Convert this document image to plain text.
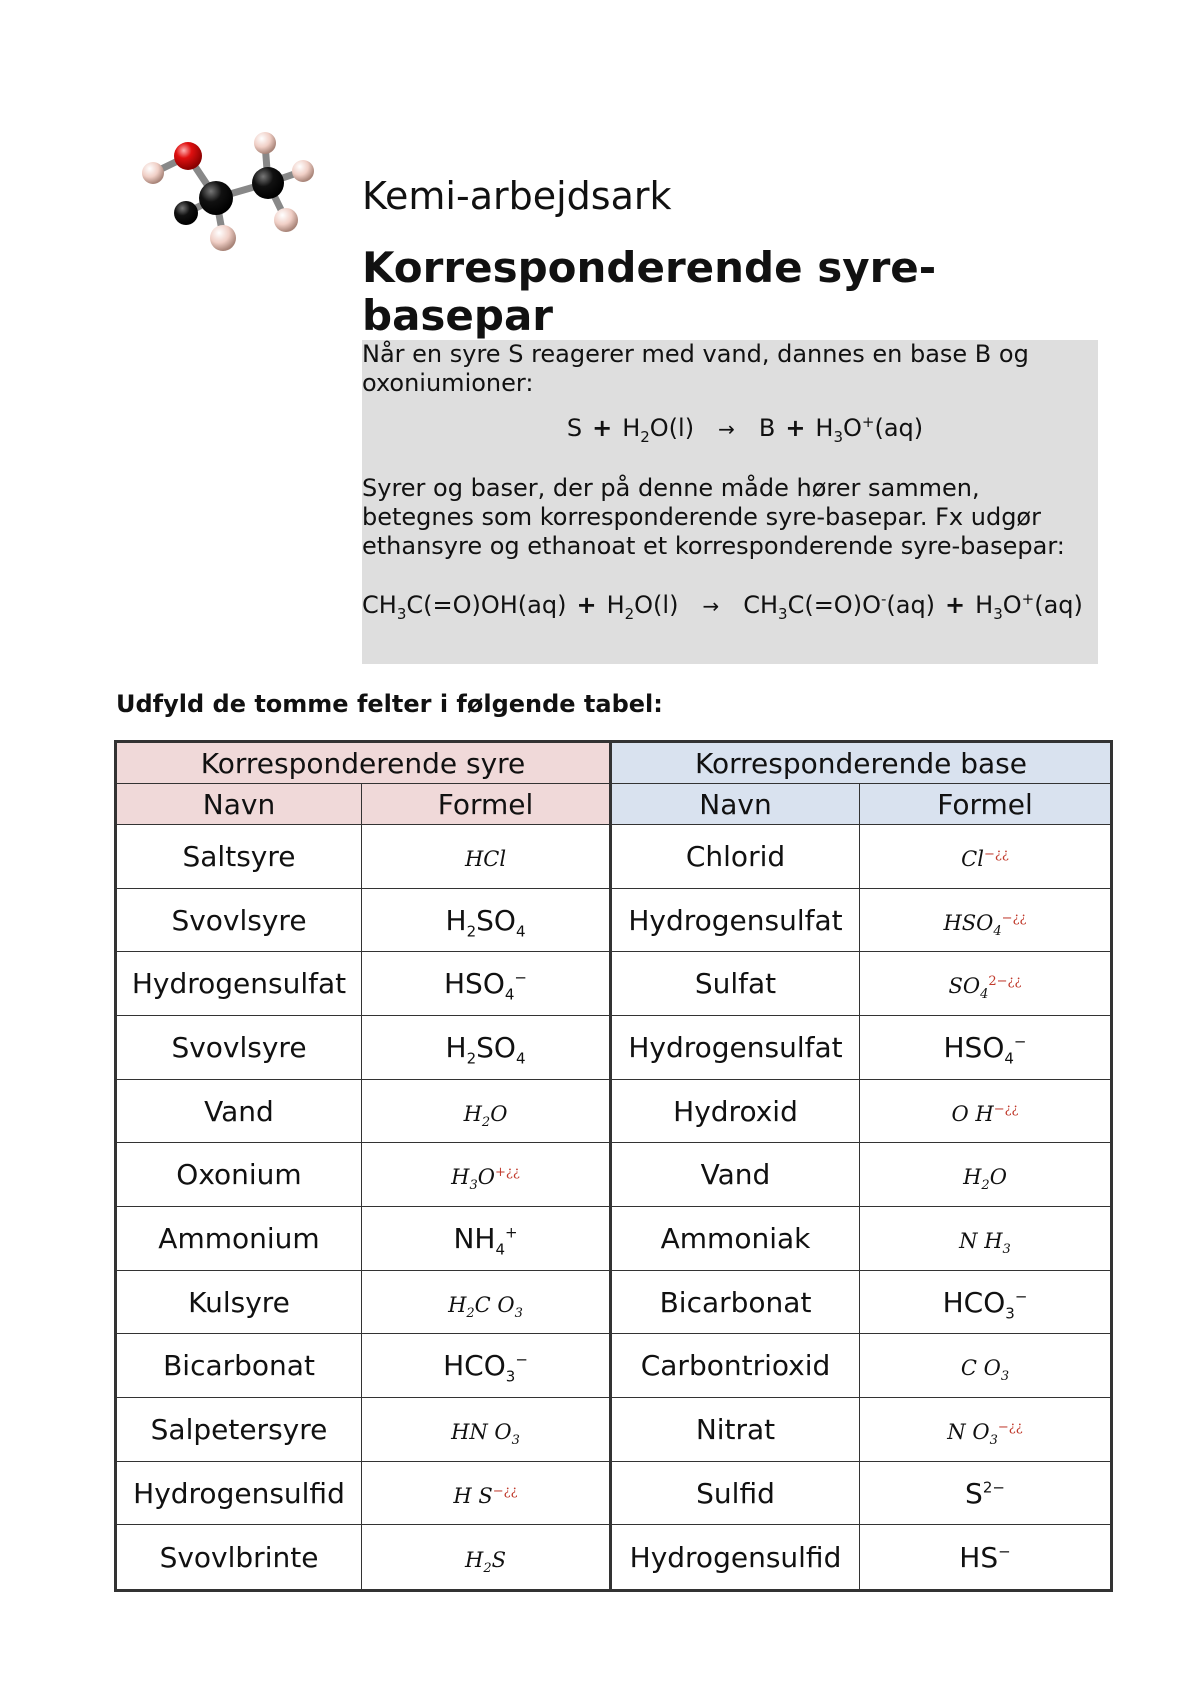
Kemi-arbejdsark
Korresponderende syre-basepar

Når en syre S reagerer med vand, dannes en base B og oxoniumioner:

$S + H_2O(l) \to B + H_3O^+(aq)$

Syrer og baser, der på denne måde hører sammen, betegnes som korresponderende syre-basepar. Fx udgør ethansyre og ethanoat et korresponderende syre-basepar:

$CH_3C(=O)OH(aq) + H_2O(l) \to CH_3C(=O)O^-(aq) + H_3O^+(aq)$

Udfyld de tomme felter i følgende tabel:

Korresponderende syre		Korresponderende base	
Navn	Formel	Navn	Formel
Saltsyre	HCl	Chlorid	Cl−¿¿
Svovlsyre	$H_2SO_4$	Hydrogensulfat	$HSO_4^{-¿¿}$
Hydrogensulfat	$HSO_4^-$	Sulfat	$SO_4^{2-¿¿}$
Svovlsyre	$H_2SO_4$	Hydrogensulfat	$HSO_4^-$
Vand	$H_2O$	Hydroxid	O H−¿¿
Oxonium	$H_3O^{+¿¿}$	Vand	$H_2O$
Ammonium	$NH_4^+$	Ammoniak	N $H_3$
Kulsyre	$H_2C$ $O_3$	Bicarbonat	$HCO_3^-$
Bicarbonat	$HCO_3^-$	Carbontrioxid	C $O_3$
Salpetersyre	HN $O_3$	Nitrat	N $O_3^{-¿¿}$
Hydrogensulfid	H S−¿¿	Sulfid	$S^{2-}$
Svovlbrinte	$H_2S$	Hydrogensulfid	HS−
